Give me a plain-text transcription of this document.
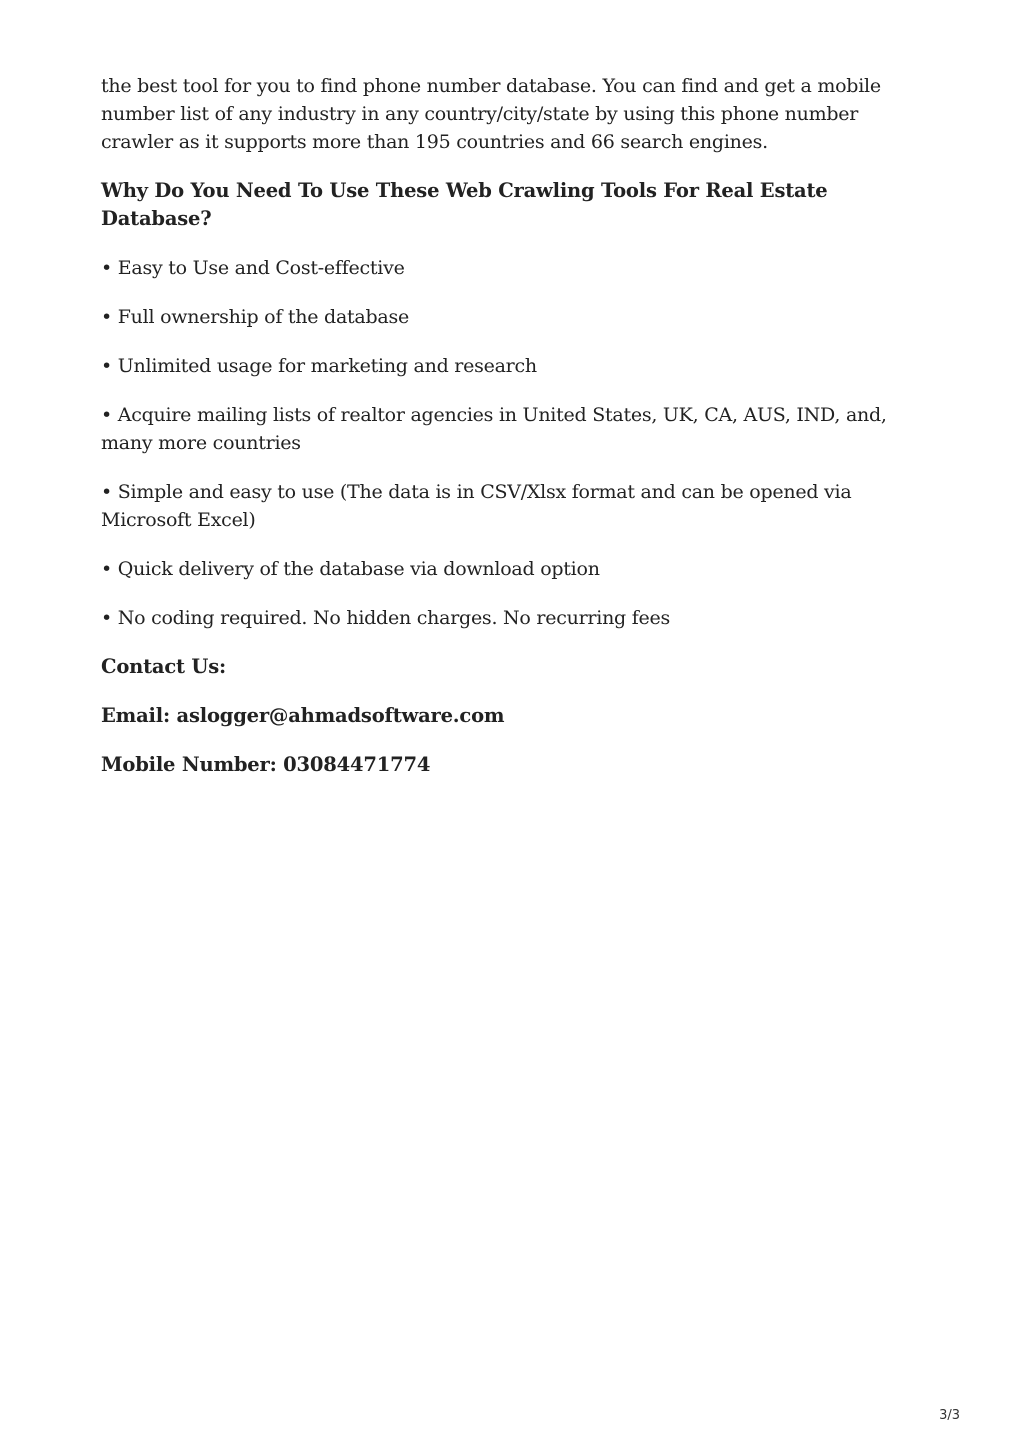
the best tool for you to find phone number database. You can find and get a mobile number list of any industry in any country/city/state by using this phone number crawler as it supports more than 195 countries and 66 search engines.

Why Do You Need To Use These Web Crawling Tools For Real Estate Database?

• Easy to Use and Cost-effective

• Full ownership of the database

• Unlimited usage for marketing and research

• Acquire mailing lists of realtor agencies in United States, UK, CA, AUS, IND, and, many more countries

• Simple and easy to use (The data is in CSV/Xlsx format and can be opened via Microsoft Excel)

• Quick delivery of the database via download option

• No coding required. No hidden charges. No recurring fees

Contact Us:
Email: aslogger@ahmadsoftware.com
Mobile Number: 03084471774
3/3
